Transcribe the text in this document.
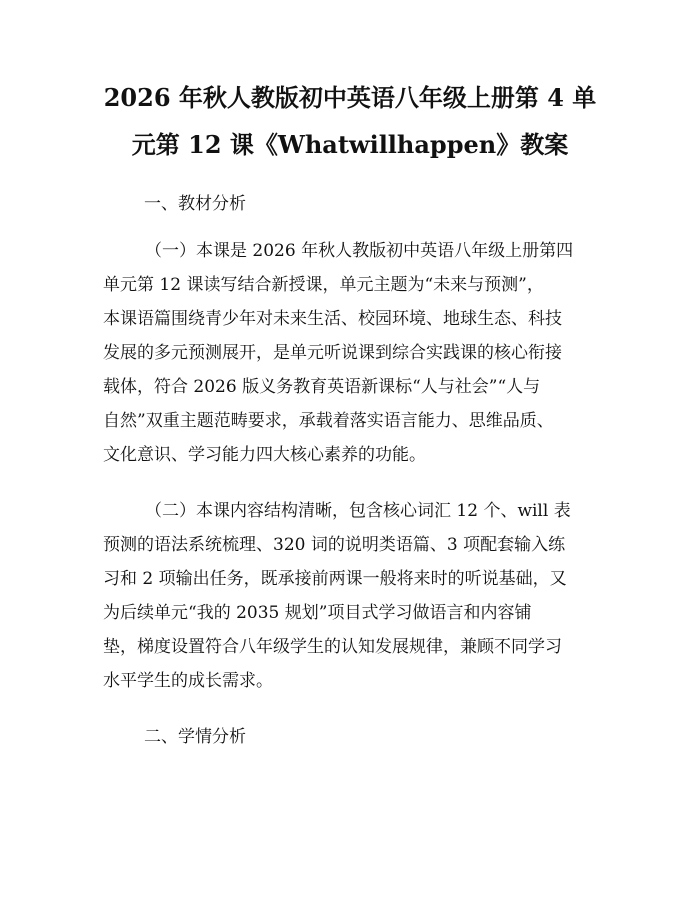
2026 年秋人教版初中英语八年级上册第 4 单
元第 12 课《Whatwillhappen》教案
一、教材分析
（一）本课是 2026 年秋人教版初中英语八年级上册第四
单元第 12 课读写结合新授课，单元主题为“未来与预测”，
本课语篇围绕青少年对未来生活、校园环境、地球生态、科技
发展的多元预测展开，是单元听说课到综合实践课的核心衔接
载体，符合 2026 版义务教育英语新课标“人与社会”“人与
自然”双重主题范畴要求，承载着落实语言能力、思维品质、
文化意识、学习能力四大核心素养的功能。
（二）本课内容结构清晰，包含核心词汇 12 个、will 表
预测的语法系统梳理、320 词的说明类语篇、3 项配套输入练
习和 2 项输出任务，既承接前两课一般将来时的听说基础，又
为后续单元“我的 2035 规划”项目式学习做语言和内容铺
垫，梯度设置符合八年级学生的认知发展规律，兼顾不同学习
水平学生的成长需求。
二、学情分析
